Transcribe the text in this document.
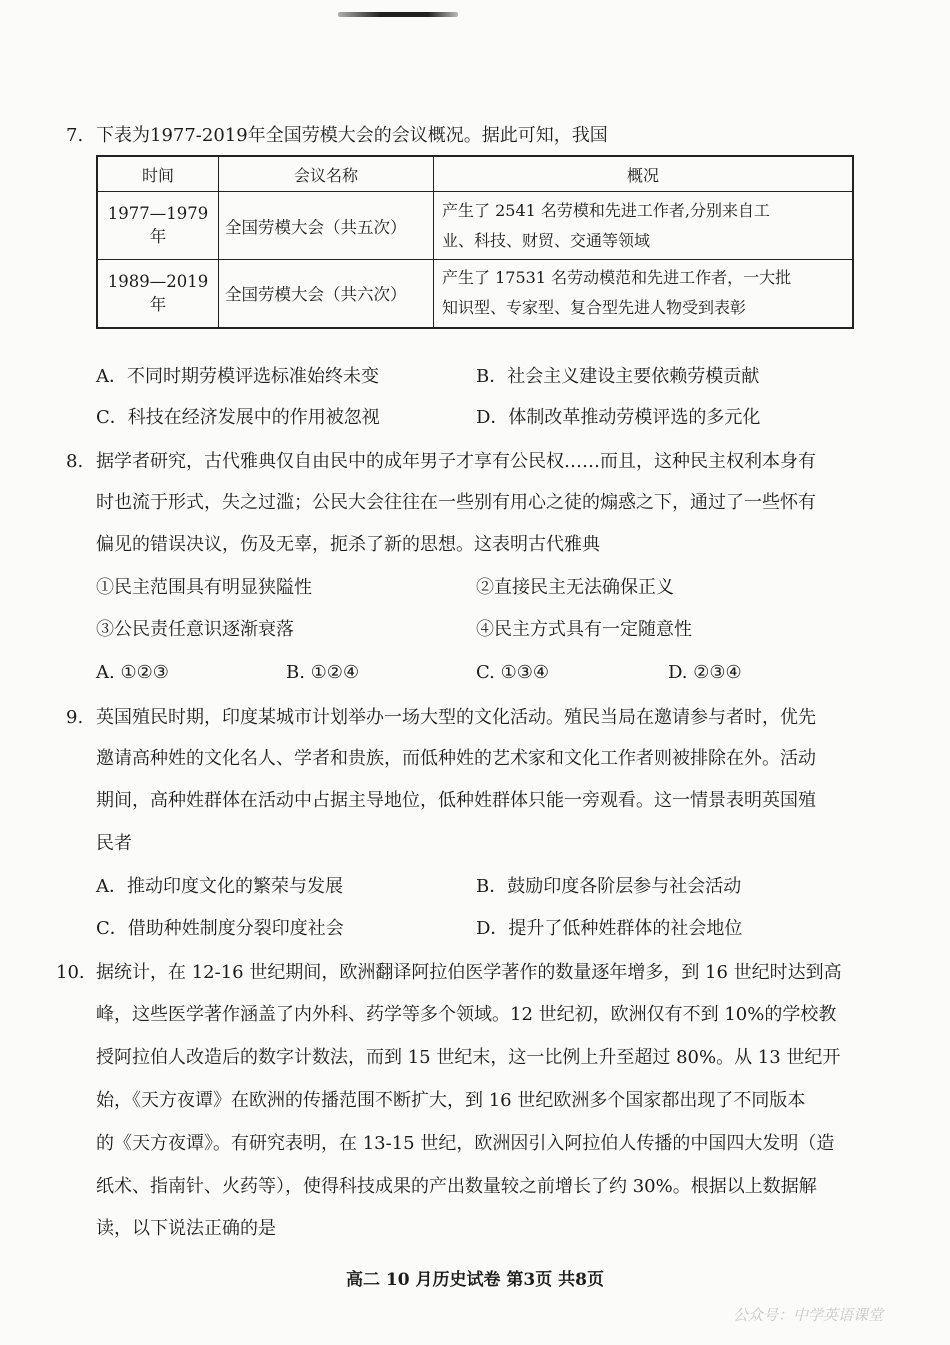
7. 下表为1977-2019年全国劳模大会的会议概况。据此可知，我国
时间	会议名称	概况
1977—1979 年	全国劳模大会（共五次）	产生了 2541 名劳模和先进工作者,分别来自工
业、科技、财贸、交通等领域

1989—2019 年	全国劳模大会（共六次）	产生了 17531 名劳动模范和先进工作者，一大批
知识型、专家型、复合型先进人物受到表彰
A．不同时期劳模评选标准始终未变	B．社会主义建设主要依赖劳模贡献
C．科技在经济发展中的作用被忽视	D．体制改革推动劳模评选的多元化
8. 据学者研究，古代雅典仅自由民中的成年男子才享有公民权……而且，这种民主权利本身有
时也流于形式，失之过滥；公民大会往往在一些别有用心之徒的煽惑之下，通过了一些怀有
偏见的错误决议，伤及无辜，扼杀了新的思想。这表明古代雅典
①民主范围具有明显狭隘性	②直接民主无法确保正义
③公民责任意识逐渐衰落	④民主方式具有一定随意性
A. ①②③	B. ①②④	C. ①③④	D. ②③④
9. 英国殖民时期，印度某城市计划举办一场大型的文化活动。殖民当局在邀请参与者时，优先
邀请高种姓的文化名人、学者和贵族，而低种姓的艺术家和文化工作者则被排除在外。活动
期间，高种姓群体在活动中占据主导地位，低种姓群体只能一旁观看。这一情景表明英国殖
民者
A．推动印度文化的繁荣与发展	B．鼓励印度各阶层参与社会活动
C．借助种姓制度分裂印度社会	D．提升了低种姓群体的社会地位
10. 据统计，在 12-16 世纪期间，欧洲翻译阿拉伯医学著作的数量逐年增多，到 16 世纪时达到高
峰，这些医学著作涵盖了内外科、药学等多个领域。12 世纪初，欧洲仅有不到 10%的学校教
授阿拉伯人改造后的数字计数法，而到 15 世纪末，这一比例上升至超过 80%。从 13 世纪开
始，《天方夜谭》在欧洲的传播范围不断扩大，到 16 世纪欧洲多个国家都出现了不同版本
的《天方夜谭》。有研究表明，在 13-15 世纪，欧洲因引入阿拉伯人传播的中国四大发明（造
纸术、指南针、火药等），使得科技成果的产出数量较之前增长了约 30%。根据以上数据解
读，以下说法正确的是
高二 10 月历史试卷 第3页 共8页
公众号：中学英语课堂
